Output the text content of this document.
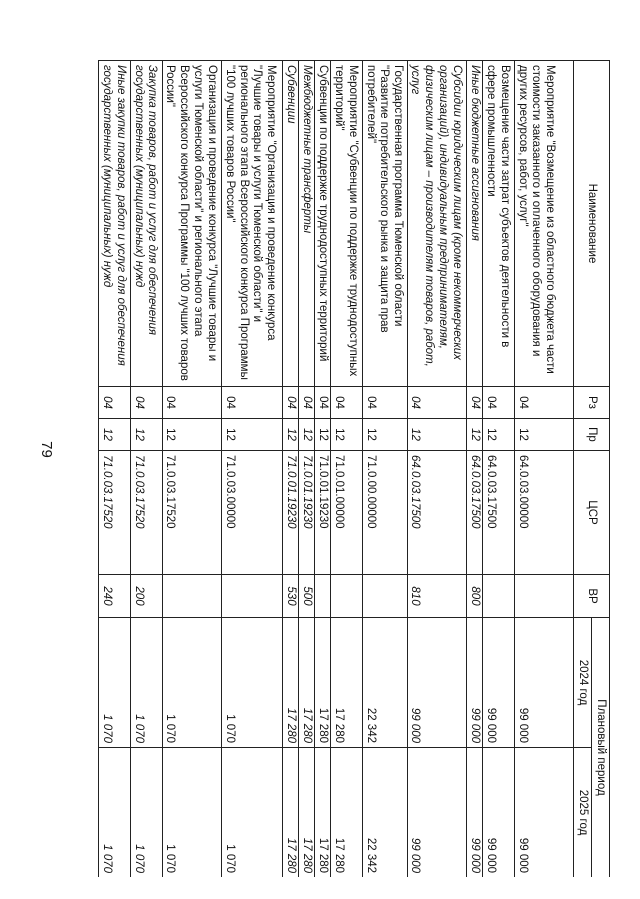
79
Наименование	Рз	Пр	ЦСР	ВР	Плановый период	
					2024 год	2025 год
Мероприятие "Возмещение из областного бюджета части стоимости заказанного и оплаченного оборудования и других ресурсов, работ, услуг"	04	12	64.0.03.00000		99 000	99 000
Возмещение части затрат субъектов деятельности в сфере промышленности	04	12	64.0.03.17500		99 000	99 000
Иные бюджетные ассигнования	04	12	64.0.03.17500	800	99 000	99 000
Субсидии юридическим лицам (кроме некоммерческих организаций), индивидуальным предпринимателям, физическим лицам – производителям товаров, работ, услуг	04	12	64.0.03.17500	810	99 000	99 000
Государственная программа Тюменской области "Развитие потребительского рынка и защита прав потребителей"	04	12	71.0.00.00000		22 342	22 342
Мероприятие "Субвенции по поддержке труднодоступных территорий"	04	12	71.0.01.00000		17 280	17 280
Субвенции по поддержке труднодоступных территорий	04	12	71.0.01.19230		17 280	17 280
Межбюджетные трансферты	04	12	71.0.01.19230	500	17 280	17 280
Субвенции	04	12	71.0.01.19230	530	17 280	17 280
Мероприятие "Организация и проведение конкурса "Лучшие товары и услуги Тюменской области" и регионального этапа Всероссийского конкурса Программы "100 лучших товаров России"	04	12	71.0.03.00000		1 070	1 070
Организация и проведение конкурса "Лучшие товары и услуги Тюменской области" и регионального этапа Всероссийского конкурса Программы "100 лучших товаров России"	04	12	71.0.03.17520		1 070	1 070
Закупка товаров, работ и услуг для обеспечения государственных (муниципальных) нужд	04	12	71.0.03.17520	200	1 070	1 070
Иные закупки товаров, работ и услуг для обеспечения государственных (муниципальных) нужд	04	12	71.0.03.17520	240	1 070	1 070
